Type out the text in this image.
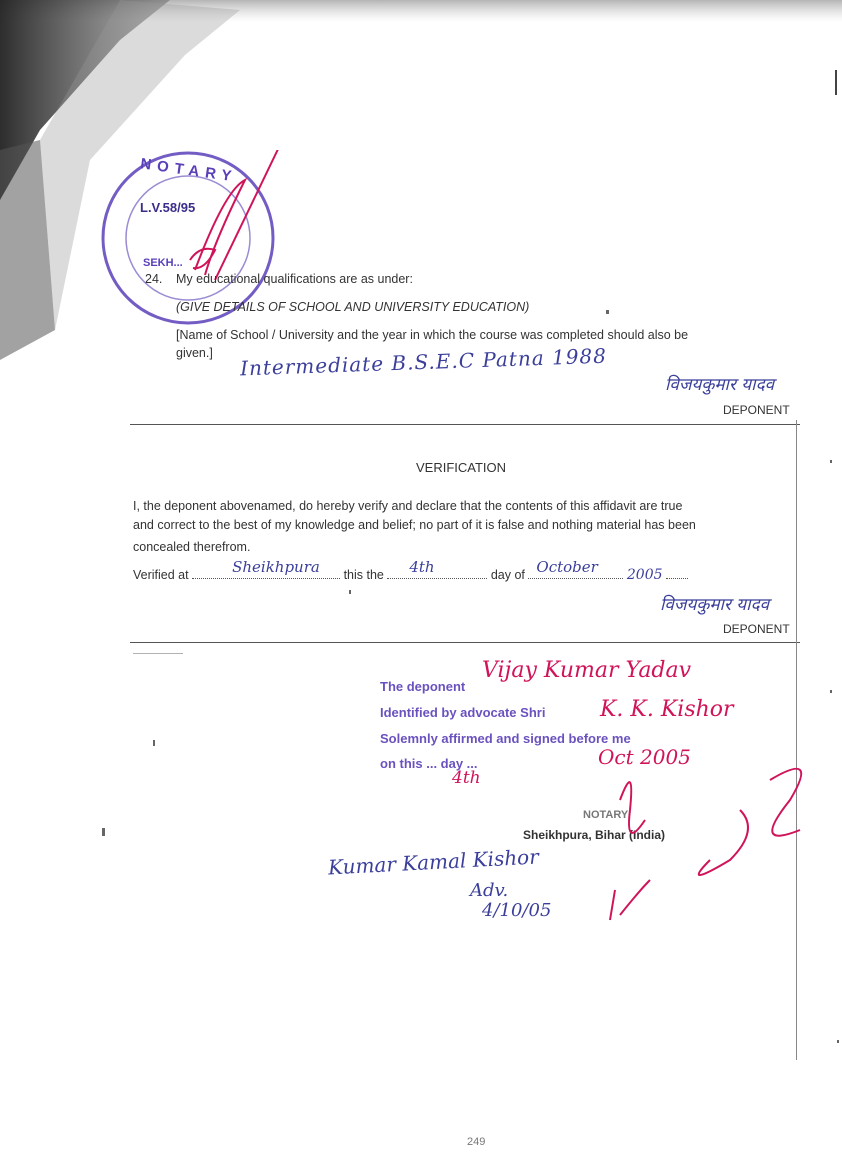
NOTARY
L.V.58/95
SEKH...
24. My educational qualifications are as under:
(GIVE DETAILS OF SCHOOL AND UNIVERSITY EDUCATION)
[Name of School / University and the year in which the course was completed should also be
given.] Intermediate B.S.E.C Patna 1988
विजयकुमार यादव
DEPONENT
VERIFICATION
I, the deponent abovenamed, do hereby verify and declare that the contents of this affidavit are true
and correct to the best of my knowledge and belief; no part of it is false and nothing material has been
concealed therefrom.
Verified at	Sheikhpura this the 4th	day of October 2005
विजयकुमार यादव
DEPONENT
The deponent
Vijay Kumar Yadav
Identified by advocate Shri K. K. Kishor
Solemnly affirmed and signed before me
on this ... day ...	Oct 2005
4th
NOTARY
Sheikhpura, Bihar (India)
Kumar Kamal Kishor
Adv.
4/10/05
249
